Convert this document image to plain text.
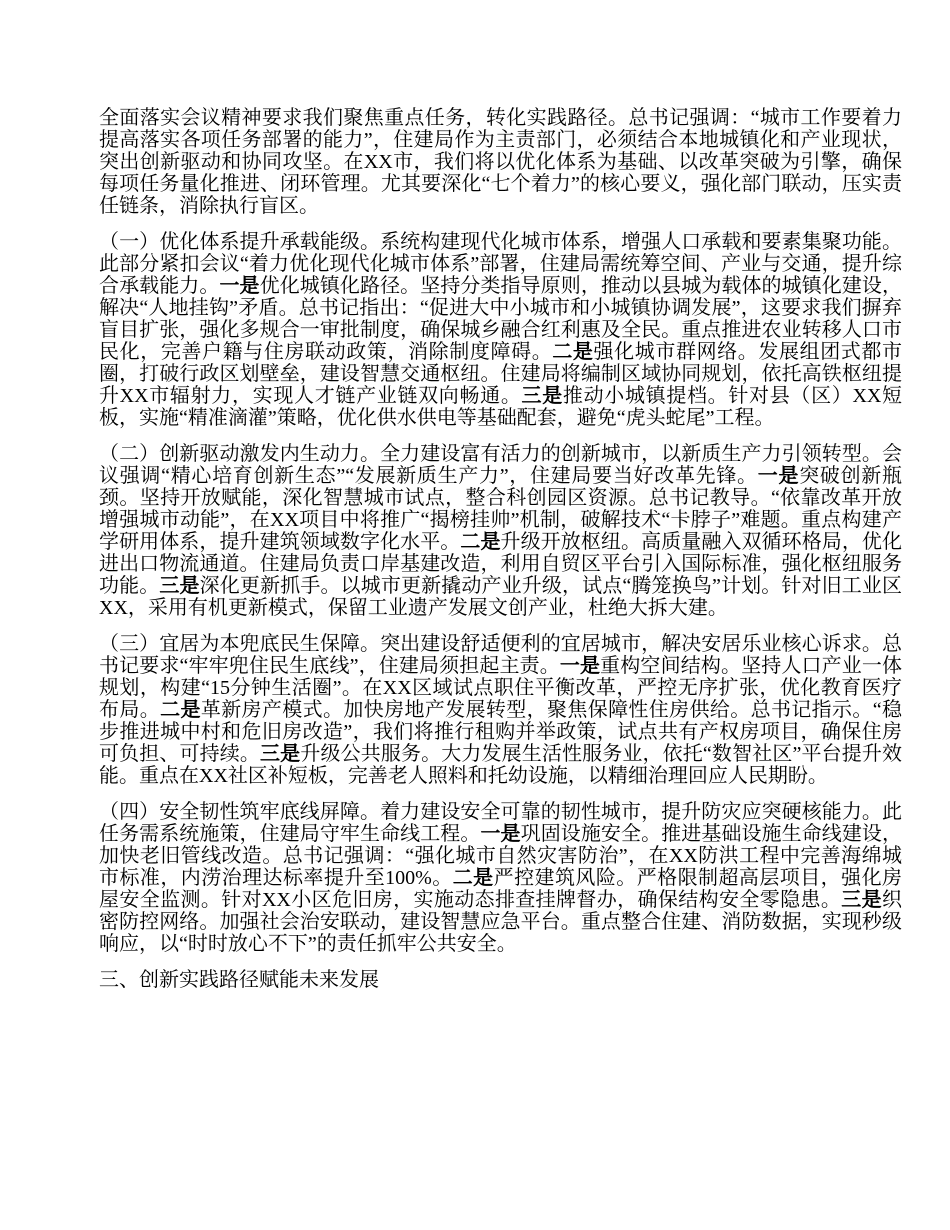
全面落实会议精神要求我们聚焦重点任务，转化实践路径。总书记强调：“城市工作要着力提高落实各项任务部署的能力”，住建局作为主责部门，必须结合本地城镇化和产业现状，突出创新驱动和协同攻坚。在XX市，我们将以优化体系为基础、以改革突破为引擎，确保每项任务量化推进、闭环管理。尤其要深化“七个着力”的核心要义，强化部门联动，压实责任链条，消除执行盲区。

（一）优化体系提升承载能级。系统构建现代化城市体系，增强人口承载和要素集聚功能。此部分紧扣会议“着力优化现代化城市体系”部署，住建局需统筹空间、产业与交通，提升综合承载能力。一是优化城镇化路径。坚持分类指导原则，推动以县城为载体的城镇化建设，解决“人地挂钩”矛盾。总书记指出：“促进大中小城市和小城镇协调发展”，这要求我们摒弃盲目扩张，强化多规合一审批制度，确保城乡融合红利惠及全民。重点推进农业转移人口市民化，完善户籍与住房联动政策，消除制度障碍。二是强化城市群网络。发展组团式都市圈，打破行政区划壁垒，建设智慧交通枢纽。住建局将编制区域协同规划，依托高铁枢纽提升XX市辐射力，实现人才链产业链双向畅通。三是推动小城镇提档。针对县（区）XX短板，实施“精准滴灌”策略，优化供水供电等基础配套，避免“虎头蛇尾”工程。

（二）创新驱动激发内生动力。全力建设富有活力的创新城市，以新质生产力引领转型。会议强调“精心培育创新生态”“发展新质生产力”，住建局要当好改革先锋。一是突破创新瓶颈。坚持开放赋能，深化智慧城市试点，整合科创园区资源。总书记教导。“依靠改革开放增强城市动能”，在XX项目中将推广“揭榜挂帅”机制，破解技术“卡脖子”难题。重点构建产学研用体系，提升建筑领域数字化水平。二是升级开放枢纽。高质量融入双循环格局，优化进出口物流通道。住建局负责口岸基建改造，利用自贸区平台引入国际标准，强化枢纽服务功能。三是深化更新抓手。以城市更新撬动产业升级，试点“腾笼换鸟”计划。针对旧工业区XX，采用有机更新模式，保留工业遗产发展文创产业，杜绝大拆大建。

（三）宜居为本兜底民生保障。突出建设舒适便利的宜居城市，解决安居乐业核心诉求。总书记要求“牢牢兜住民生底线”，住建局须担起主责。一是重构空间结构。坚持人口产业一体规划，构建“15分钟生活圈”。在XX区域试点职住平衡改革，严控无序扩张，优化教育医疗布局。二是革新房产模式。加快房地产发展转型，聚焦保障性住房供给。总书记指示。“稳步推进城中村和危旧房改造”，我们将推行租购并举政策，试点共有产权房项目，确保住房可负担、可持续。三是升级公共服务。大力发展生活性服务业，依托“数智社区”平台提升效能。重点在XX社区补短板，完善老人照料和托幼设施，以精细治理回应人民期盼。

（四）安全韧性筑牢底线屏障。着力建设安全可靠的韧性城市，提升防灾应突硬核能力。此任务需系统施策，住建局守牢生命线工程。一是巩固设施安全。推进基础设施生命线建设，加快老旧管线改造。总书记强调：“强化城市自然灾害防治”，在XX防洪工程中完善海绵城市标准，内涝治理达标率提升至100%。二是严控建筑风险。严格限制超高层项目，强化房屋安全监测。针对XX小区危旧房，实施动态排查挂牌督办，确保结构安全零隐患。三是织密防控网络。加强社会治安联动，建设智慧应急平台。重点整合住建、消防数据，实现秒级响应，以“时时放心不下”的责任抓牢公共安全。

三、创新实践路径赋能未来发展
